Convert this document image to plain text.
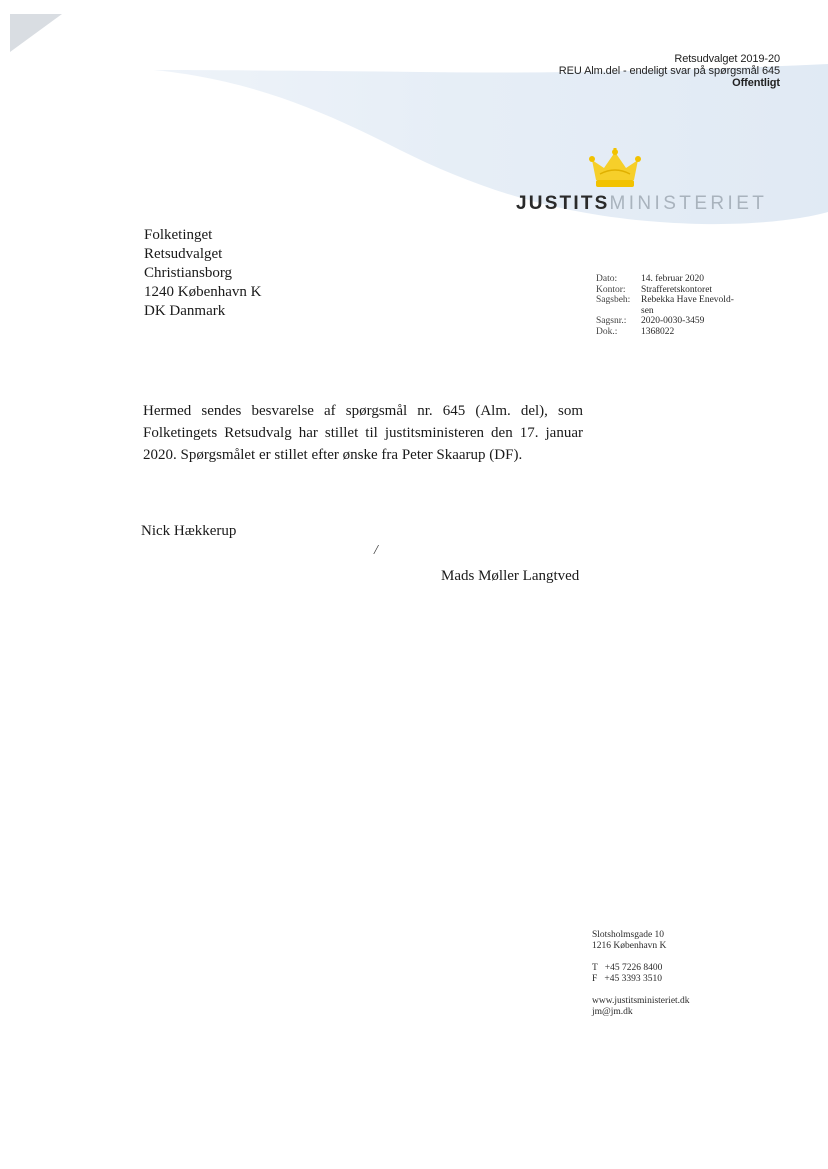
Retsudvalget 2019-20
REU Alm.del - endeligt svar på spørgsmål 645
Offentligt
JUSTITSMINISTERIET
Folketinget
Retsudvalget
Christiansborg
1240 København K
DK Danmark
Dato:	14. februar 2020
Kontor:	Strafferetskontoret
Sagsbeh:	Rebekka Have Enevold-
sen
Sagsnr.:	2020-0030-3459
Dok.:	1368022
Hermed sendes besvarelse af spørgsmål nr. 645 (Alm. del), som Folketingets Retsudvalg har stillet til justitsministeren den 17. januar 2020. Spørgsmålet er stillet efter ønske fra Peter Skaarup (DF).
Nick Hækkerup
/
Mads Møller Langtved
Slotsholmsgade 10
1216 København K
T   +45 7226 8400
F   +45 3393 3510
www.justitsministeriet.dk
jm@jm.dk
